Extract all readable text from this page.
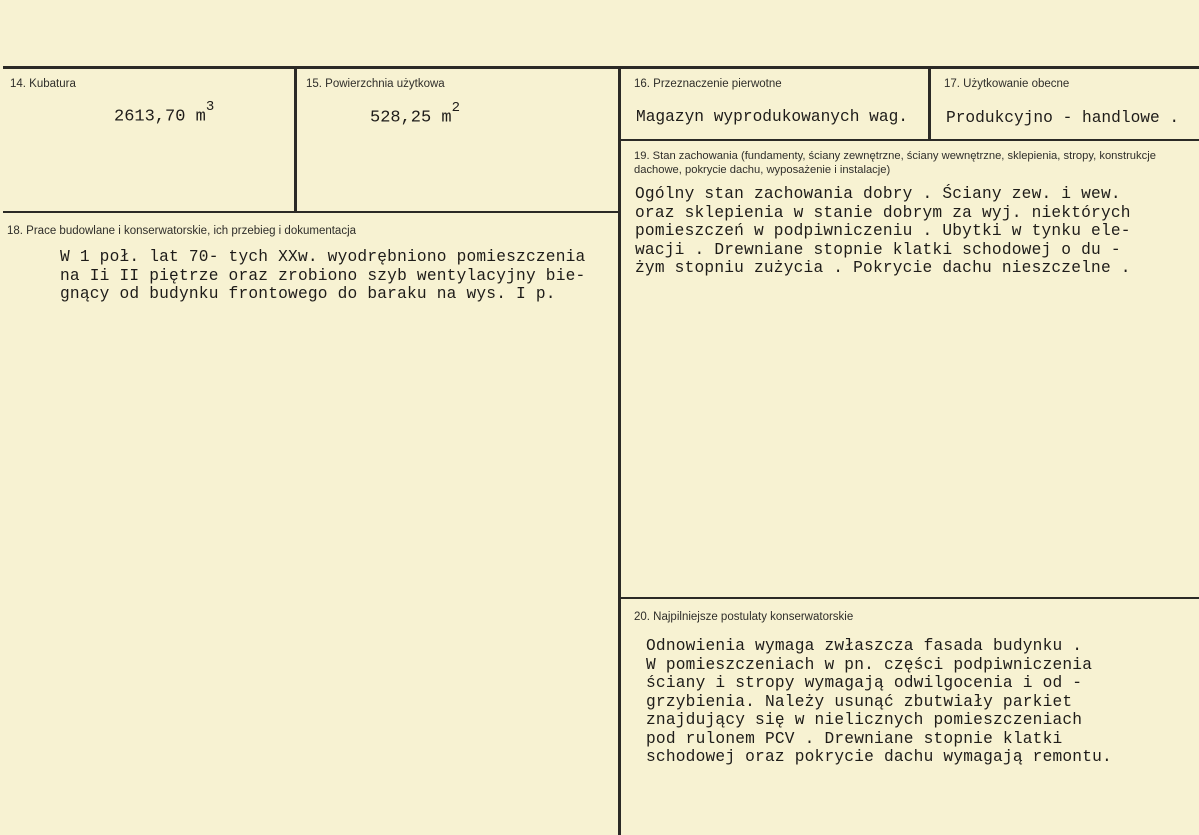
14. Kubatura
2613,70 $m^3$
15. Powierzchnia użytkowa
528,25 $m^2$
16. Przeznaczenie pierwotne
Magazyn wyprodukowanych wag.
17. Użytkowanie obecne
Produkcyjno - handlowe .
18. Prace budowlane i konserwatorskie, ich przebieg i dokumentacja
W 1 poł. lat 70- tych XXw. wyodrębniono pomieszczenia
na Ii II piętrze oraz zrobiono szyb wentylacyjny bie-
gnący od budynku frontowego do baraku na wys. I p.
19. Stan zachowania (fundamenty, ściany zewnętrzne, ściany wewnętrzne, sklepienia, stropy, konstrukcje dachowe, pokrycie dachu, wyposażenie i instalacje)
Ogólny stan zachowania dobry . Ściany zew. i wew.
oraz sklepienia w stanie dobrym za wyj. niektórych
pomieszczeń w podpiwniczeniu . Ubytki w tynku ele-
wacji . Drewniane stopnie klatki schodowej o du -
żym stopniu zużycia . Pokrycie dachu nieszczelne .
20. Najpilniejsze postulaty konserwatorskie
Odnowienia wymaga zwłaszcza fasada budynku .
W pomieszczeniach w pn. części podpiwniczenia
ściany i stropy wymagają odwilgocenia i od -
grzybienia. Należy usunąć zbutwiały parkiet
znajdujący się w nielicznych pomieszczeniach
pod rulonem PCV . Drewniane stopnie klatki
schodowej oraz pokrycie dachu wymagają remontu.
